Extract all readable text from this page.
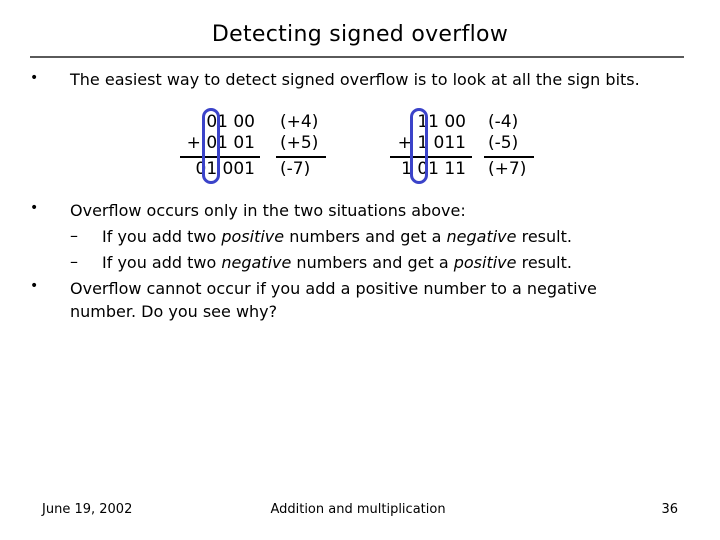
Detecting signed overflow
• The easiest way to detect signed overflow is to look at all the sign bits.
01 00
+ 01 01
01 001
(+4)
(+5)
(-7)
11 00
+ 1 011
1 01 11
(-4)
(-5)
(+7)
• Overflow occurs only in the two situations above:
– If you add two positive numbers and get a negative result.
– If you add two negative numbers and get a positive result.
• Overflow cannot occur if you add a positive number to a negative
number. Do you see why?
June 19, 2002	Addition and multiplication	36
